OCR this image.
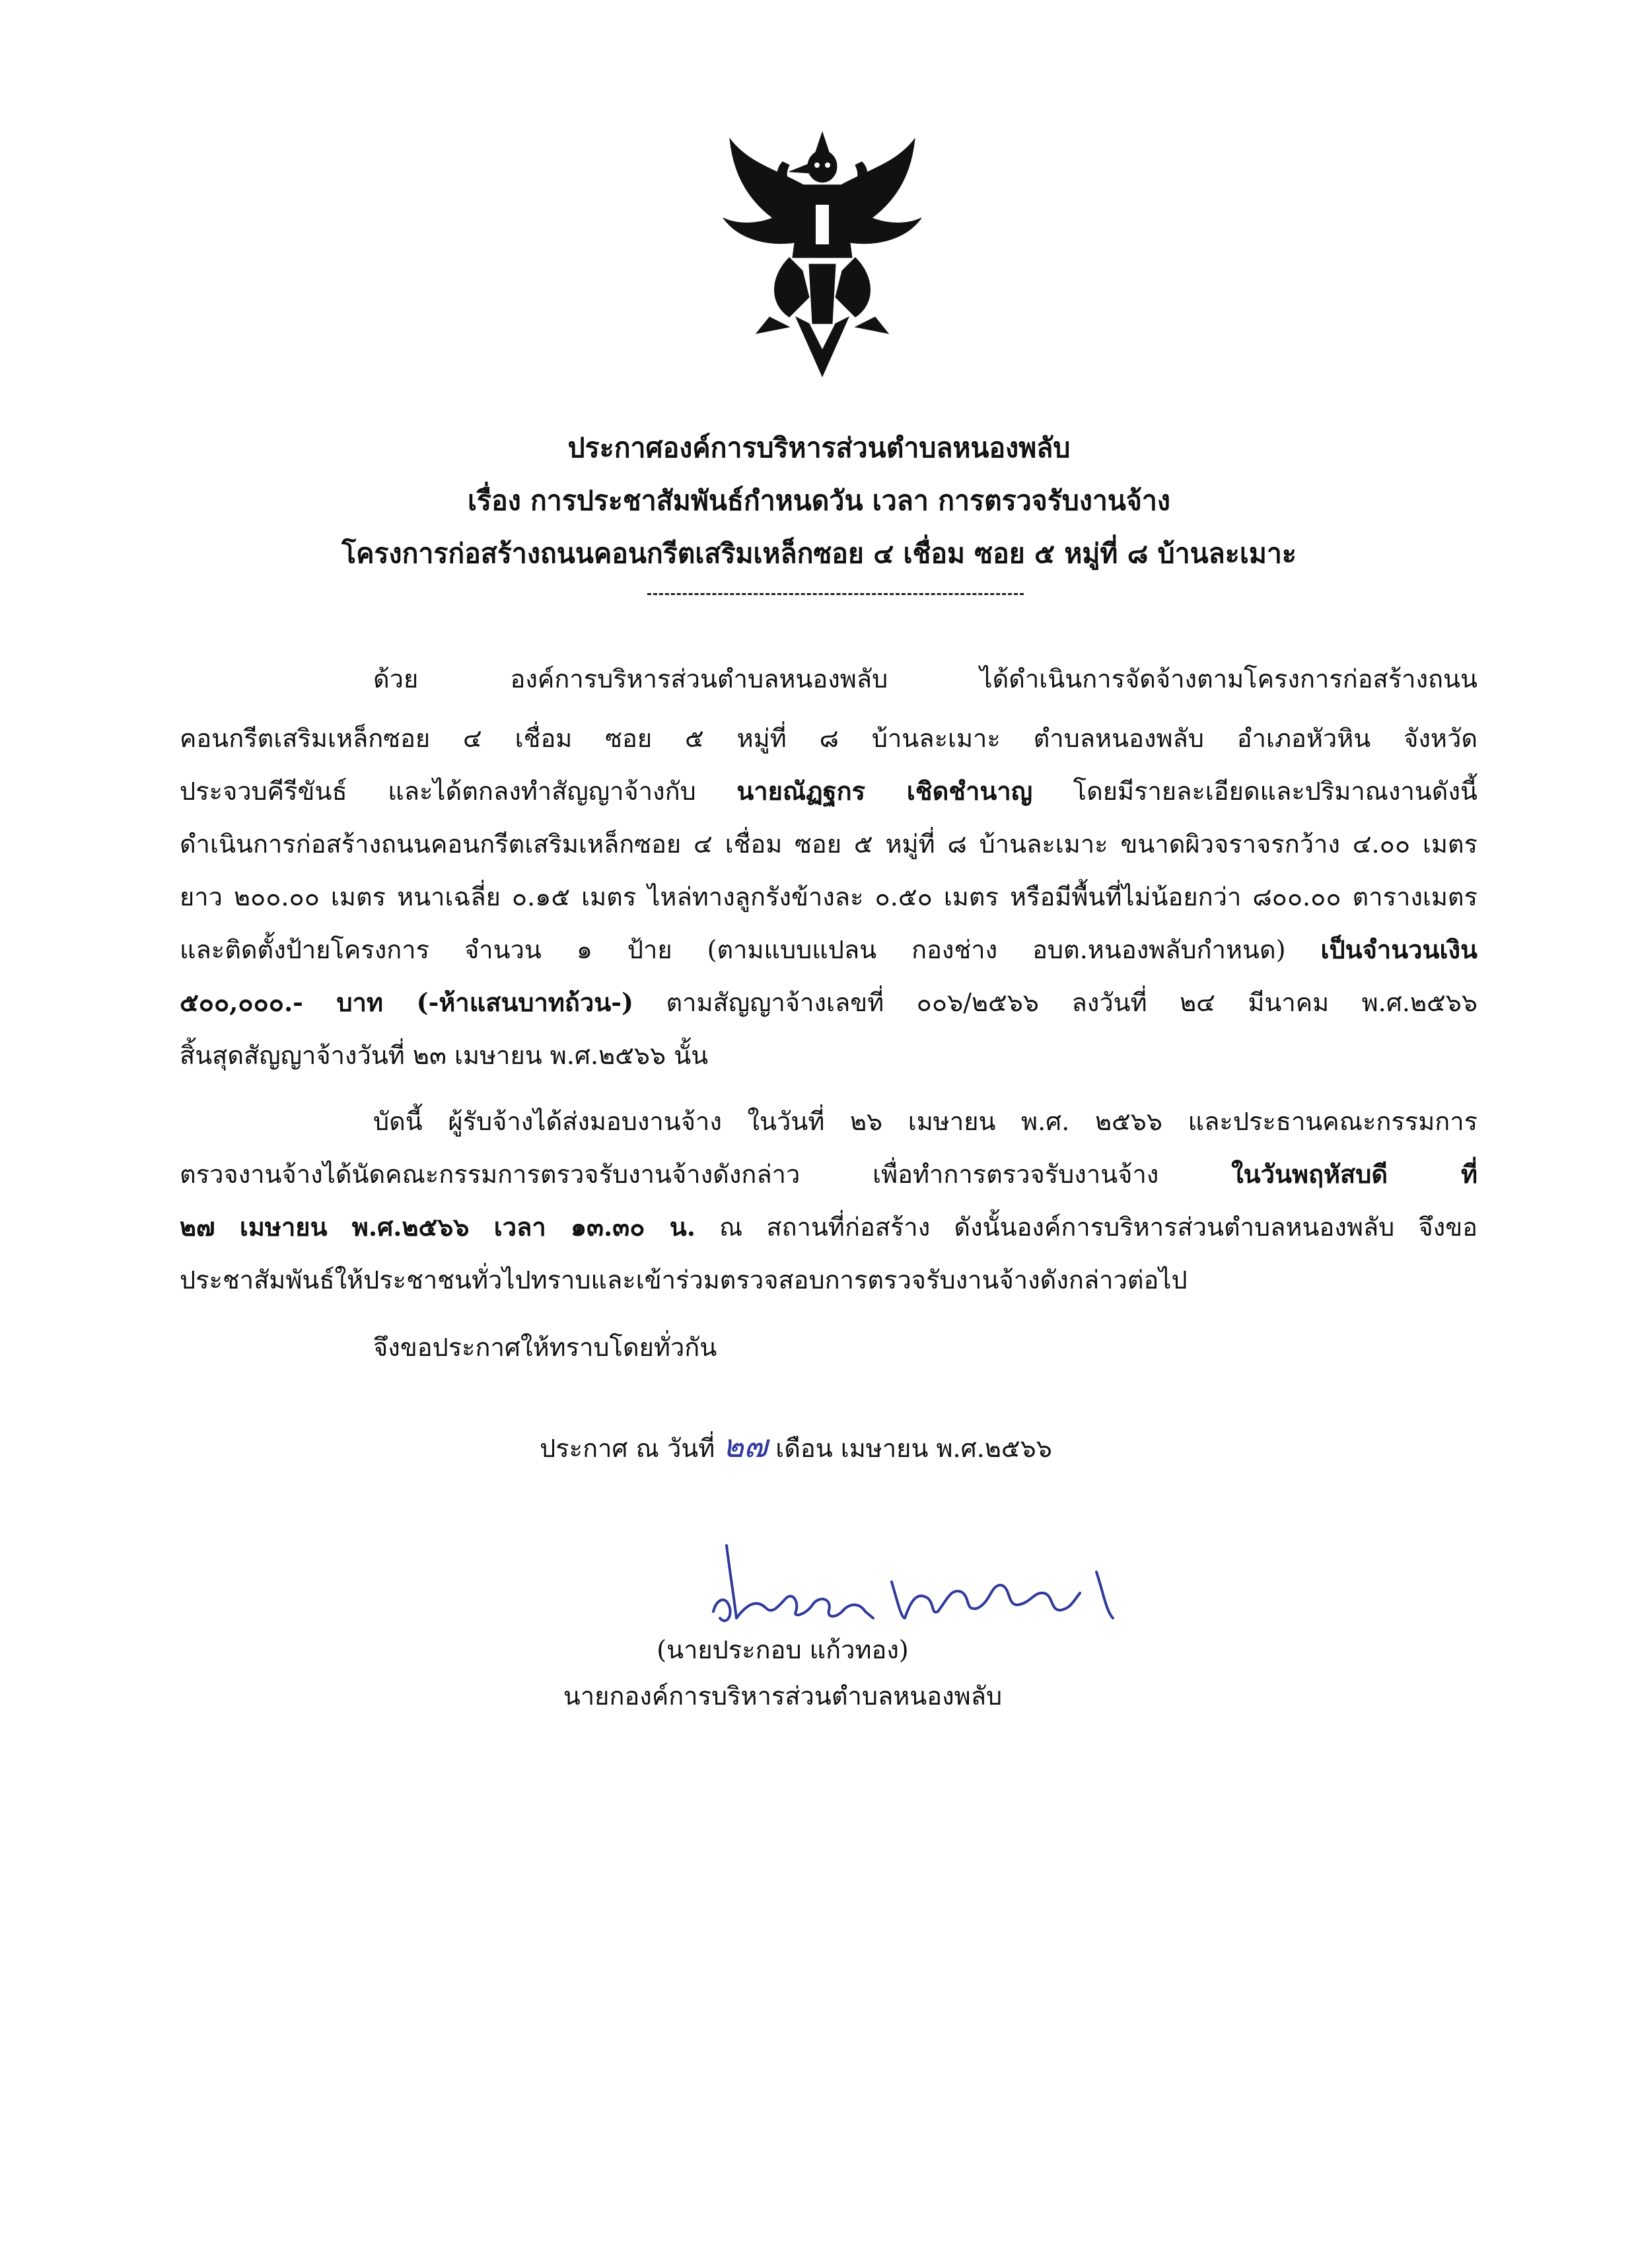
ประกาศองค์การบริหารส่วนตำบลหนองพลับ
เรื่อง การประชาสัมพันธ์กำหนดวัน เวลา การตรวจรับงานจ้าง
โครงการก่อสร้างถนนคอนกรีตเสริมเหล็กซอย ๔ เชื่อม ซอย ๕ หมู่ที่ ๘ บ้านละเมาะ
ด้วย องค์การบริหารส่วนตำบลหนองพลับ ได้ดำเนินการจัดจ้างตามโครงการก่อสร้างถนน
คอนกรีตเสริมเหล็กซอย ๔ เชื่อม ซอย ๕ หมู่ที่ ๘ บ้านละเมาะ ตำบลหนองพลับ อำเภอหัวหิน จังหวัด
ประจวบคีรีขันธ์ และได้ตกลงทำสัญญาจ้างกับ นายณัฏฐกร เชิดชำนาญ โดยมีรายละเอียดและปริมาณงานดังนี้
ดำเนินการก่อสร้างถนนคอนกรีตเสริมเหล็กซอย ๔ เชื่อม ซอย ๕ หมู่ที่ ๘ บ้านละเมาะ ขนาดผิวจราจรกว้าง ๔.๐๐ เมตร
ยาว ๒๐๐.๐๐ เมตร หนาเฉลี่ย ๐.๑๕ เมตร ไหล่ทางลูกรังข้างละ ๐.๕๐ เมตร หรือมีพื้นที่ไม่น้อยกว่า ๘๐๐.๐๐ ตารางเมตร
และติดตั้งป้ายโครงการ จำนวน ๑ ป้าย (ตามแบบแปลน กองช่าง อบต.หนองพลับกำหนด) เป็นจำนวนเงิน
๕๐๐,๐๐๐.- บาท (-ห้าแสนบาทถ้วน-) ตามสัญญาจ้างเลขที่ ๐๐๖/๒๕๖๖ ลงวันที่ ๒๔ มีนาคม พ.ศ.๒๕๖๖
สิ้นสุดสัญญาจ้างวันที่ ๒๓ เมษายน พ.ศ.๒๕๖๖ นั้น
บัดนี้ ผู้รับจ้างได้ส่งมอบงานจ้าง ในวันที่ ๒๖ เมษายน พ.ศ. ๒๕๖๖ และประธานคณะกรรมการ
ตรวจงานจ้างได้นัดคณะกรรมการตรวจรับงานจ้างดังกล่าว เพื่อทำการตรวจรับงานจ้าง ในวันพฤหัสบดี ที่
๒๗ เมษายน พ.ศ.๒๕๖๖ เวลา ๑๓.๓๐ น. ณ สถานที่ก่อสร้าง ดังนั้นองค์การบริหารส่วนตำบลหนองพลับ จึงขอ
ประชาสัมพันธ์ให้ประชาชนทั่วไปทราบและเข้าร่วมตรวจสอบการตรวจรับงานจ้างดังกล่าวต่อไป
จึงขอประกาศให้ทราบโดยทั่วกัน
ประกาศ ณ วันที่ ๒๗ เดือน เมษายน พ.ศ.๒๕๖๖
(นายประกอบ แก้วทอง)
นายกองค์การบริหารส่วนตำบลหนองพลับ
